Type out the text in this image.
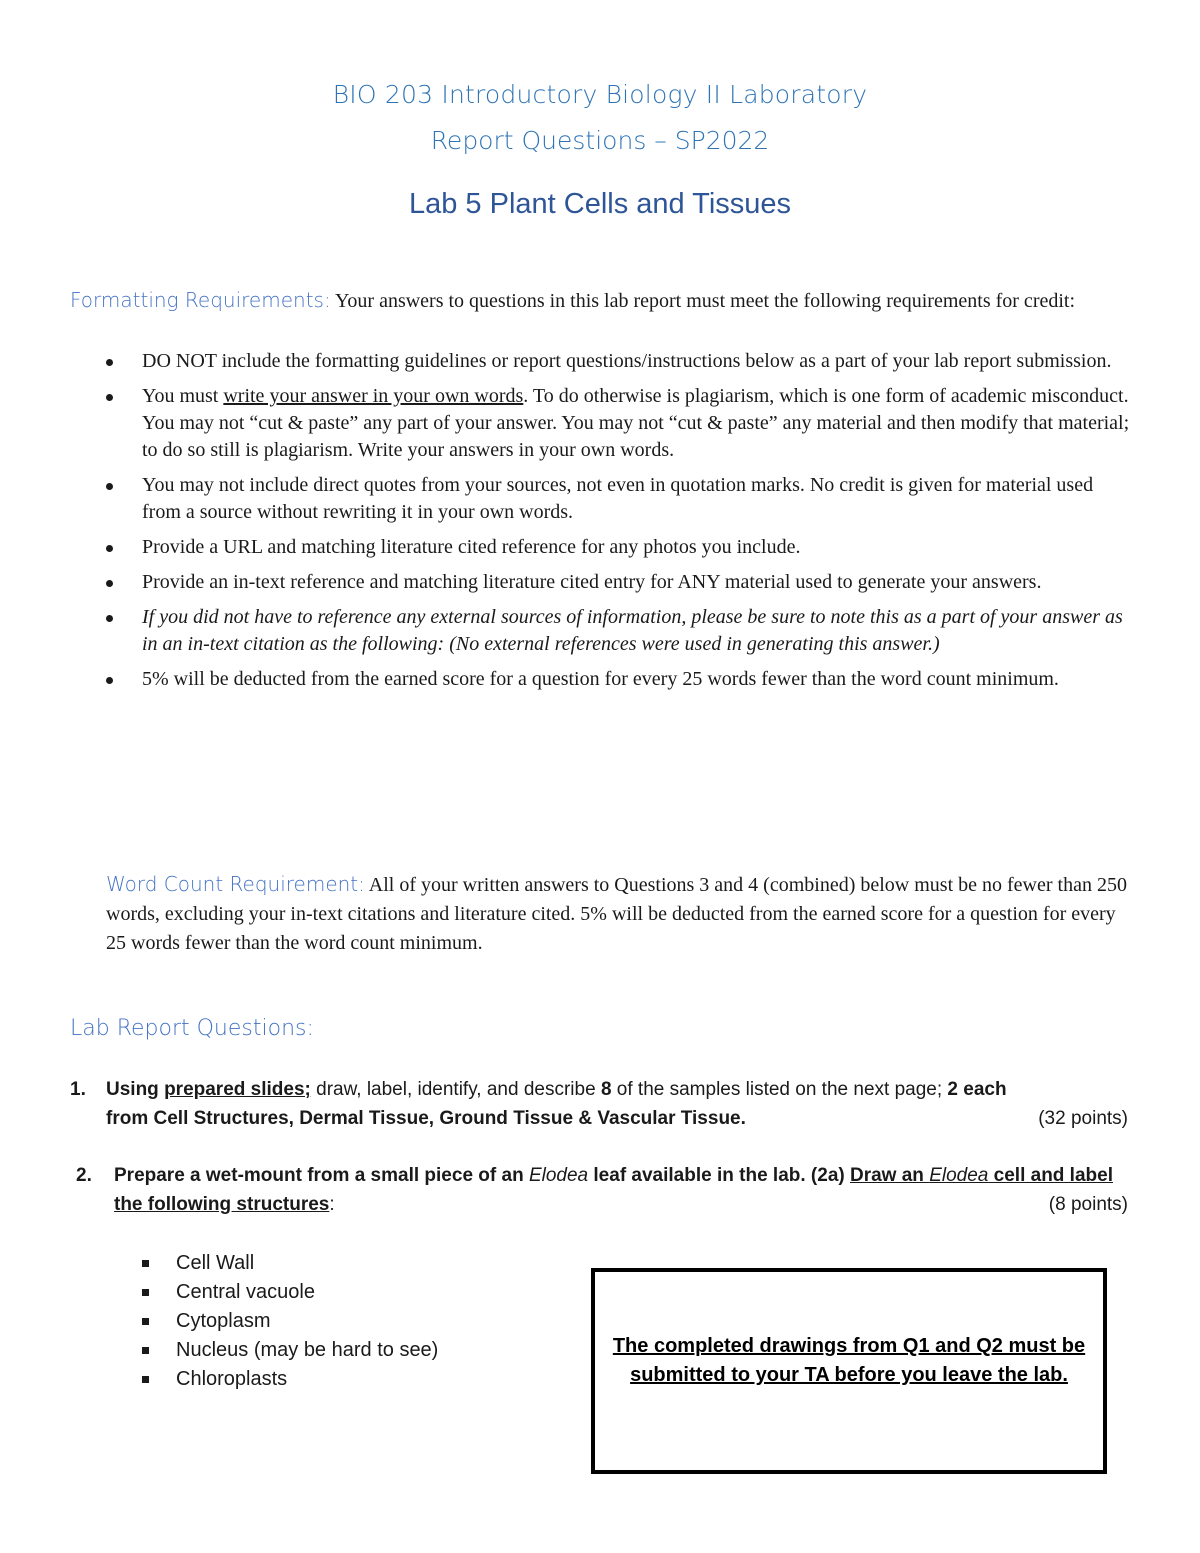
BIO 203 Introductory Biology II Laboratory
Report Questions – SP2022
Lab 5 Plant Cells and Tissues
Formatting Requirements: Your answers to questions in this lab report must meet the following requirements for credit:
DO NOT include the formatting guidelines or report questions/instructions below as a part of your lab report submission.
You must write your answer in your own words. To do otherwise is plagiarism, which is one form of academic misconduct. You may not “cut & paste” any part of your answer. You may not “cut & paste” any material and then modify that material; to do so still is plagiarism. Write your answers in your own words.
You may not include direct quotes from your sources, not even in quotation marks. No credit is given for material used from a source without rewriting it in your own words.
Provide a URL and matching literature cited reference for any photos you include.
Provide an in-text reference and matching literature cited entry for ANY material used to generate your answers.
If you did not have to reference any external sources of information, please be sure to note this as a part of your answer as in an in-text citation as the following: (No external references were used in generating this answer.)
5% will be deducted from the earned score for a question for every 25 words fewer than the word count minimum.
Word Count Requirement: All of your written answers to Questions 3 and 4 (combined) below must be no fewer than 250 words, excluding your in-text citations and literature cited. 5% will be deducted from the earned score for a question for every 25 words fewer than the word count minimum.
Lab Report Questions:
1. Using prepared slides; draw, label, identify, and describe 8 of the samples listed on the next page; 2 each
from Cell Structures, Dermal Tissue, Ground Tissue & Vascular Tissue.	(32 points)
2. Prepare a wet-mount from a small piece of an Elodea leaf available in the lab. (2a) Draw an Elodea cell and label the following structures:	(8 points)
Cell Wall
Central vacuole
Cytoplasm
Nucleus (may be hard to see)
Chloroplasts
The completed drawings from Q1 and Q2 must be submitted to your TA before you leave the lab.
